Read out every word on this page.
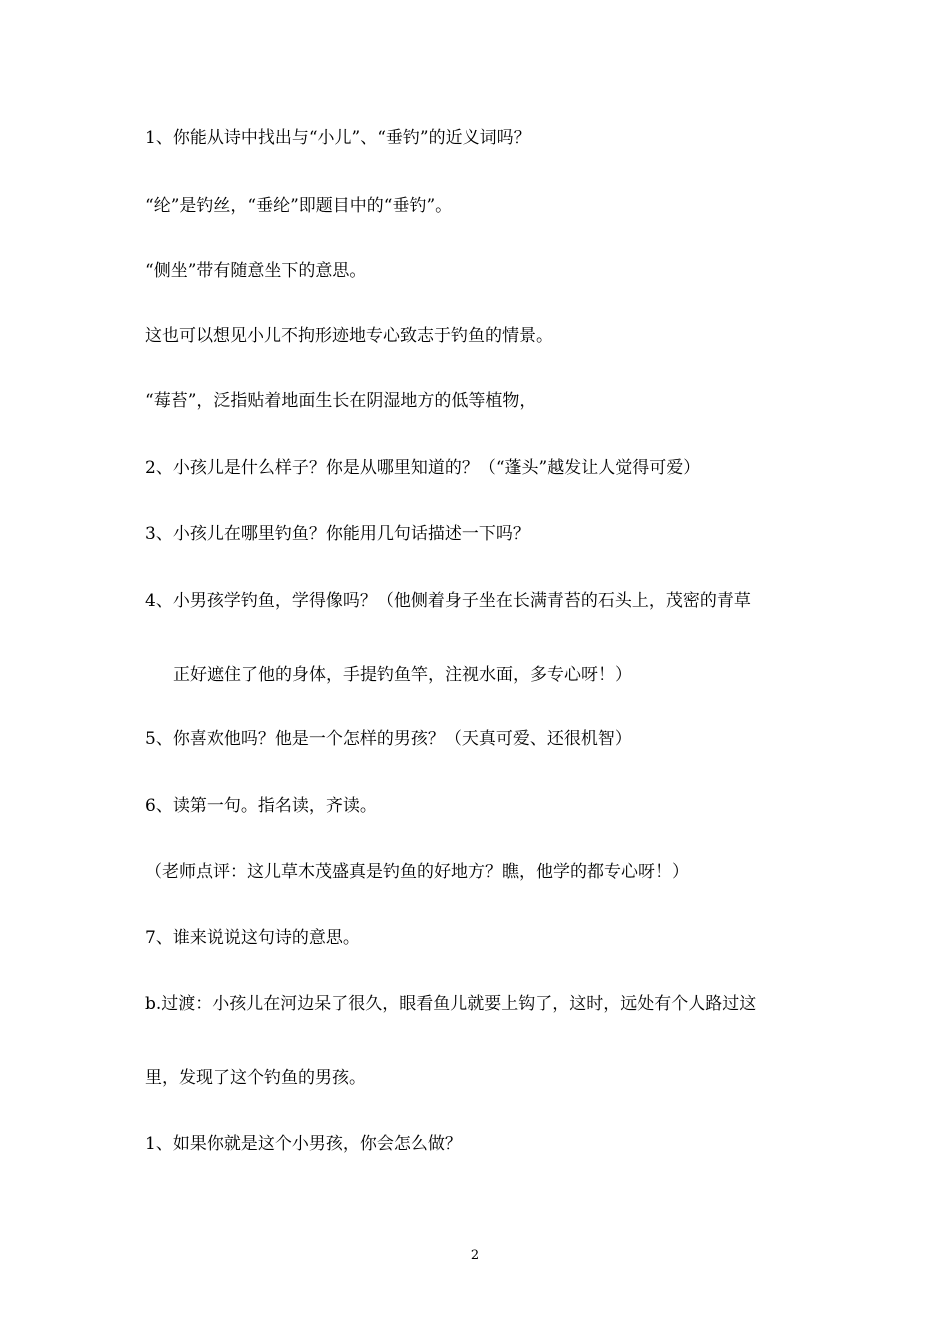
1、你能从诗中找出与“小儿”、“垂钓”的近义词吗？
“纶”是钓丝，“垂纶”即题目中的“垂钓”。
“侧坐”带有随意坐下的意思。
这也可以想见小儿不拘形迹地专心致志于钓鱼的情景。
“莓苔”，泛指贴着地面生长在阴湿地方的低等植物，
2、小孩儿是什么样子？你是从哪里知道的？（“蓬头”越发让人觉得可爱）
3、小孩儿在哪里钓鱼？你能用几句话描述一下吗？
4、小男孩学钓鱼，学得像吗？（他侧着身子坐在长满青苔的石头上，茂密的青草
正好遮住了他的身体，手提钓鱼竿，注视水面，多专心呀！）
5、你喜欢他吗？他是一个怎样的男孩？（天真可爱、还很机智）
6、读第一句。指名读，齐读。
（老师点评：这儿草木茂盛真是钓鱼的好地方？瞧，他学的都专心呀！）
7、谁来说说这句诗的意思。
b.过渡：小孩儿在河边呆了很久，眼看鱼儿就要上钩了，这时，远处有个人路过这
里，发现了这个钓鱼的男孩。
1、如果你就是这个小男孩，你会怎么做？
2
